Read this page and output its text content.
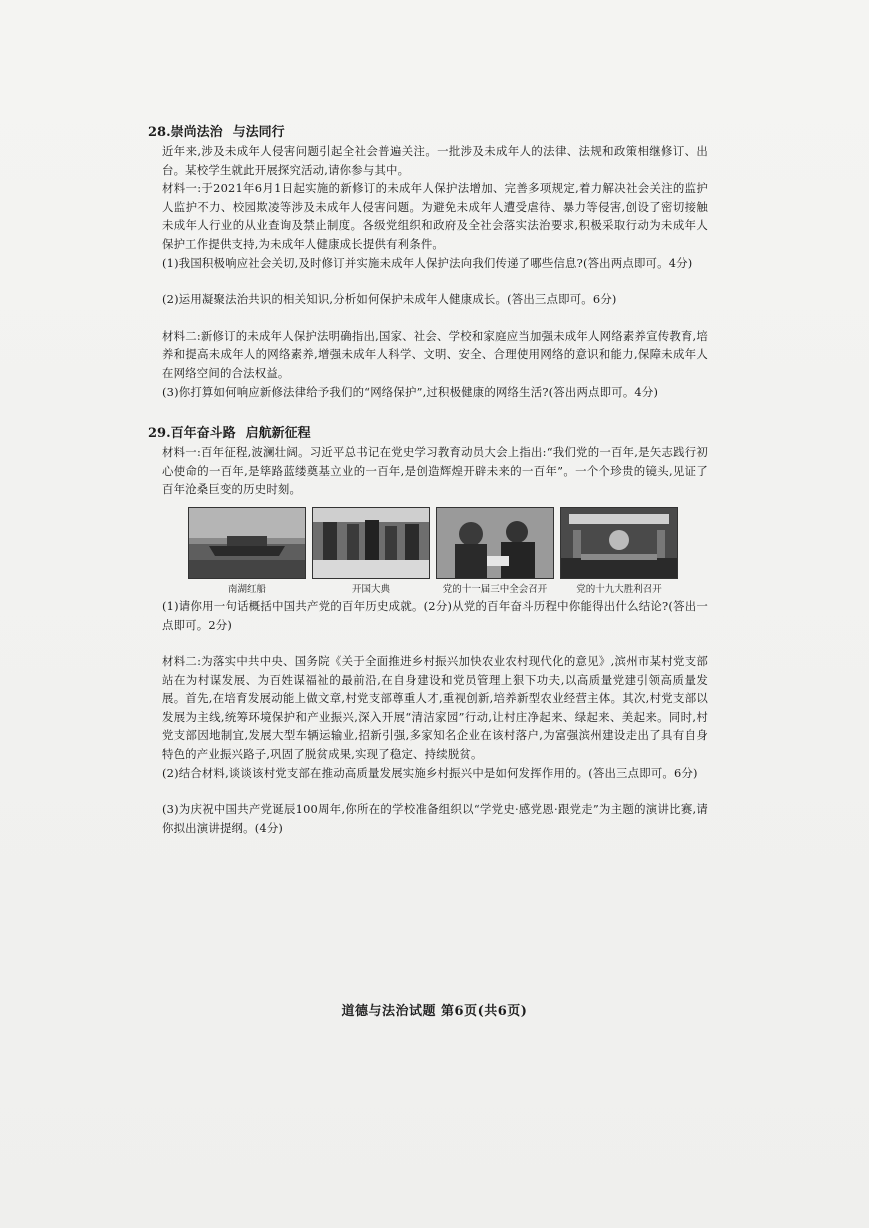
28.崇尚法治 与法同行

近年来,涉及未成年人侵害问题引起全社会普遍关注。一批涉及未成年人的法律、法规和政策相继修订、出台。某校学生就此开展探究活动,请你参与其中。

材料一:于2021年6月1日起实施的新修订的未成年人保护法增加、完善多项规定,着力解决社会关注的监护人监护不力、校园欺凌等涉及未成年人侵害问题。为避免未成年人遭受虐待、暴力等侵害,创设了密切接触未成年人行业的从业查询及禁止制度。各级党组织和政府及全社会落实法治要求,积极采取行动为未成年人保护工作提供支持,为未成年人健康成长提供有利条件。

(1)我国积极响应社会关切,及时修订并实施未成年人保护法向我们传递了哪些信息?(答出两点即可。4分)

(2)运用凝聚法治共识的相关知识,分析如何保护未成年人健康成长。(答出三点即可。6分)

材料二:新修订的未成年人保护法明确指出,国家、社会、学校和家庭应当加强未成年人网络素养宣传教育,培养和提高未成年人的网络素养,增强未成年人科学、文明、安全、合理使用网络的意识和能力,保障未成年人在网络空间的合法权益。

(3)你打算如何响应新修法律给予我们的“网络保护”,过积极健康的网络生活?(答出两点即可。4分)

29.百年奋斗路 启航新征程

材料一:百年征程,波澜壮阔。习近平总书记在党史学习教育动员大会上指出:“我们党的一百年,是矢志践行初心使命的一百年,是筚路蓝缕奠基立业的一百年,是创造辉煌开辟未来的一百年”。一个个珍贵的镜头,见证了百年沧桑巨变的历史时刻。

南湖红船	开国大典	党的十一届三中全会召开	党的十九大胜利召开

(1)请你用一句话概括中国共产党的百年历史成就。(2分)从党的百年奋斗历程中你能得出什么结论?(答出一点即可。2分)

材料二:为落实中共中央、国务院《关于全面推进乡村振兴加快农业农村现代化的意见》,滨州市某村党支部站在为村谋发展、为百姓谋福祉的最前沿,在自身建设和党员管理上狠下功夫,以高质量党建引领高质量发展。首先,在培育发展动能上做文章,村党支部尊重人才,重视创新,培养新型农业经营主体。其次,村党支部以发展为主线,统筹环境保护和产业振兴,深入开展“清洁家园”行动,让村庄净起来、绿起来、美起来。同时,村党支部因地制宜,发展大型车辆运输业,招新引强,多家知名企业在该村落户,为富强滨州建设走出了具有自身特色的产业振兴路子,巩固了脱贫成果,实现了稳定、持续脱贫。

(2)结合材料,谈谈该村党支部在推动高质量发展实施乡村振兴中是如何发挥作用的。(答出三点即可。6分)

(3)为庆祝中国共产党诞辰100周年,你所在的学校准备组织以“学党史·感党恩·跟党走”为主题的演讲比赛,请你拟出演讲提纲。(4分)

道德与法治试题 第6页(共6页)
